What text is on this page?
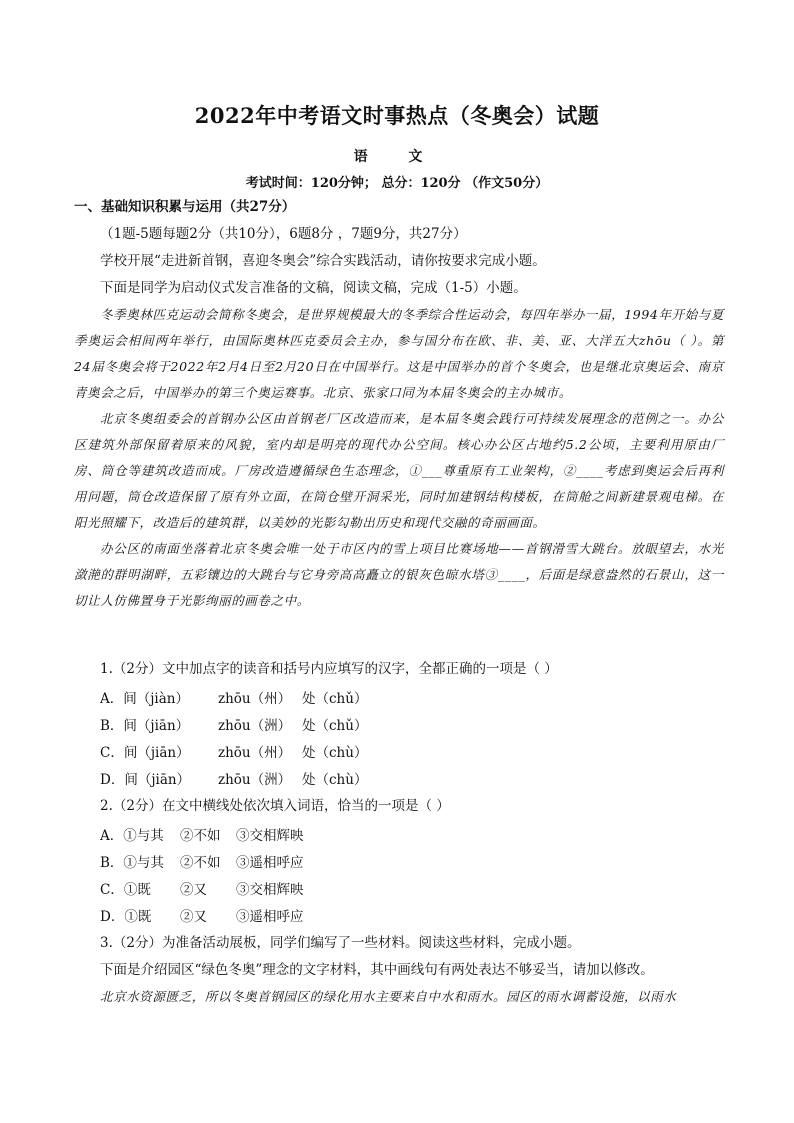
2022年中考语文时事热点（冬奥会）试题
语 文
考试时间：120分钟； 总分：120分 （作文50分）
一、基础知识积累与运用（共27分）
（1题-5题每题2分（共10分），6题8分 ，7题9分，共27分）
学校开展“走进新首钢，喜迎冬奥会”综合实践活动，请你按要求完成小题。
下面是同学为启动仪式发言准备的文稿，阅读文稿，完成（1-5）小题。

冬季奥林匹克运动会简称冬奥会，是世界规模最大的冬季综合性运动会，每四年举办一届，1994年开始与夏季奥运会相间两年举行，由国际奥林匹克委员会主办，参与国分布在欧、非、美、亚、大洋五大zhōu（ ）。第24届冬奥会将于2022年2月4日至2月20日在中国举行。这是中国举办的首个冬奥会，也是继北京奥运会、南京青奥会之后，中国举办的第三个奥运赛事。北京、张家口同为本届冬奥会的主办城市。

北京冬奥组委会的首钢办公区由首钢老厂区改造而来，是本届冬奥会践行可持续发展理念的范例之一。办公区建筑外部保留着原来的风貌，室内却是明亮的现代办公空间。核心办公区占地约5.2公顷，主要利用原由厂房、筒仓等建筑改造而成。厂房改造遵循绿色生态理念，①___尊重原有工业架构，②____考虑到奥运会后再利用问题，筒仓改造保留了原有外立面，在筒仓壁开洞采光，同时加建钢结构楼板，在筒舱之间新建景观电梯。在阳光照耀下，改造后的建筑群，以美妙的光影勾勒出历史和现代交融的奇丽画面。

办公区的南面坐落着北京冬奥会唯一处于市区内的雪上项目比赛场地——首钢滑雪大跳台。放眼望去，水光潋滟的群明湖畔，五彩镶边的大跳台与它身旁高高矗立的银灰色晾水塔③____，后面是绿意盎然的石景山，这一切让人仿佛置身于光影绚丽的画卷之中。

1.（2分）文中加点字的读音和括号内应填写的汉字，全都正确的一项是（ ）
A．间（jiàn） zhōu（州） 处（chǔ）
B．间（jiān） zhōu（洲） 处（chǔ）
C．间（jiān） zhōu（州） 处（chù）
D．间（jiān） zhōu（洲） 处（chù）
2.（2分）在文中横线处依次填入词语，恰当的一项是（ ）
A．①与其 ②不如 ③交相辉映
B．①与其 ②不如 ③遥相呼应
C．①既 ②又 ③交相辉映
D．①既 ②又 ③遥相呼应
3.（2分）为准备活动展板，同学们编写了一些材料。阅读这些材料，完成小题。
下面是介绍园区“绿色冬奥”理念的文字材料，其中画线句有两处表达不够妥当，请加以修改。
北京水资源匮乏，所以冬奥首钢园区的绿化用水主要来自中水和雨水。园区的雨水调蓄设施，以雨水
